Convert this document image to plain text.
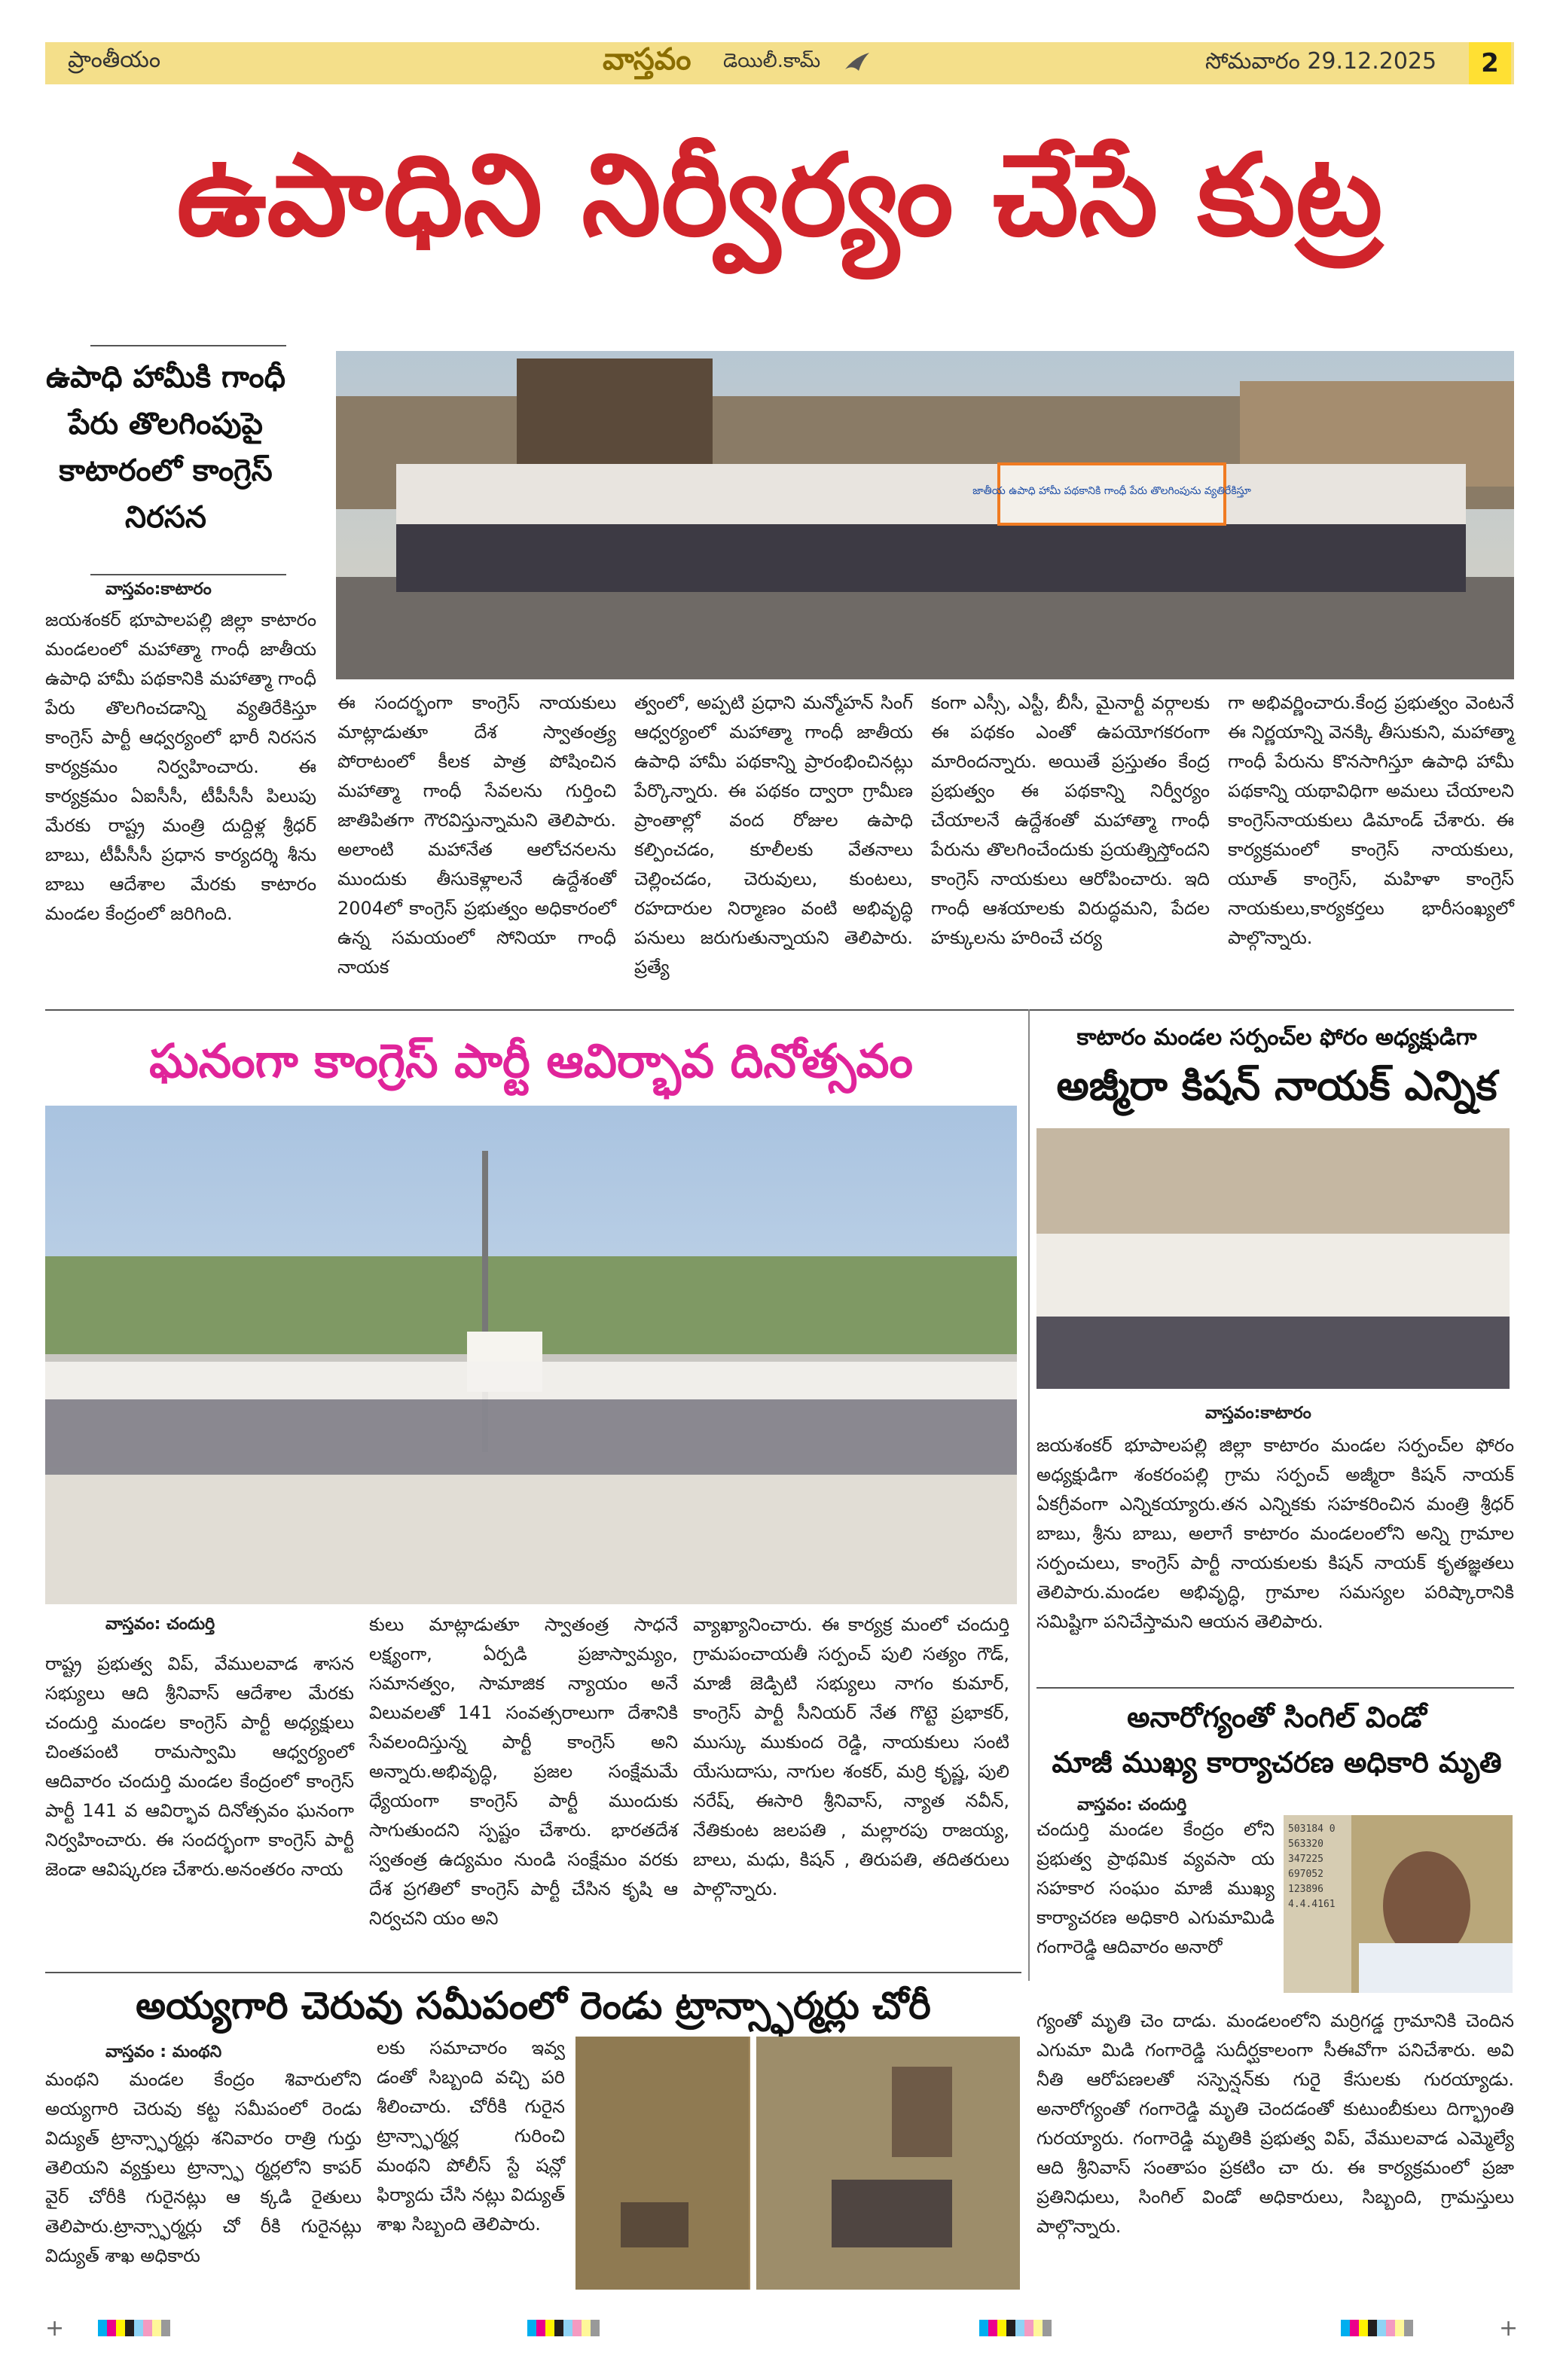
ప్రాంతీయం	వాస్తవం డెయిలీ.కామ్	సోమవారం 29.12.2025	2
ఉపాధిని నిర్వీర్యం చేసే కుట్ర
ఉపాధి హామీకి గాంధీ పేరు తొలగింపుపై కాటారంలో కాంగ్రెస్ నిరసన
వాస్తవం:కాటారం
జాతీయ ఉపాధి హామీ పథకానికి గాంధీ పేరు తొలగింపును వ్యతిరేకిస్తూ
జయశంకర్ భూపాలపల్లి జిల్లా కాటారం మండలంలో మహాత్మా గాంధీ జాతీయ ఉపాధి హామీ పథకానికి మహాత్మా గాంధీ పేరు తొలగించడాన్ని వ్యతిరేకిస్తూ కాంగ్రెస్ పార్టీ ఆధ్వర్యంలో భారీ నిరసన కార్యక్రమం నిర్వహించారు. ఈ కార్యక్రమం ఏఐసీసీ, టీపీసీసీ పిలుపు మేరకు రాష్ట్ర మంత్రి దుద్దిళ్ల శ్రీధర్ బాబు, టీపీసీసీ ప్రధాన కార్యదర్శి శీను బాబు ఆదేశాల మేరకు కాటారం మండల కేంద్రంలో జరిగింది.
ఈ సందర్భంగా కాంగ్రెస్ నాయకులు మాట్లాడుతూ దేశ స్వాతంత్ర్య పోరాటంలో కీలక పాత్ర పోషించిన మహాత్మా గాంధీ సేవలను గుర్తించి జాతిపితగా గౌరవిస్తున్నామని తెలిపారు. అలాంటి మహానేత ఆలోచనలను ముందుకు తీసుకెళ్లాలనే ఉద్దేశంతో 2004లో కాంగ్రెస్ ప్రభుత్వం అధికారంలో ఉన్న సమయంలో సోనియా గాంధీ నాయక
త్వంలో, అప్పటి ప్రధాని మన్మోహన్ సింగ్ ఆధ్వర్యంలో మహాత్మా గాంధీ జాతీయ ఉపాధి హామీ పథకాన్ని ప్రారంభించినట్లు పేర్కొన్నారు. ఈ పథకం ద్వారా గ్రామీణ ప్రాంతాల్లో వంద రోజుల ఉపాధి కల్పించడం, కూలీలకు వేతనాలు చెల్లించడం, చెరువులు, కుంటలు, రహదారుల నిర్మాణం వంటి అభివృద్ధి పనులు జరుగుతున్నాయని తెలిపారు. ప్రత్యే
కంగా ఎస్సీ, ఎస్టీ, బీసీ, మైనార్టీ వర్గాలకు ఈ పథకం ఎంతో ఉపయోగకరంగా మారిందన్నారు. అయితే ప్రస్తుతం కేంద్ర ప్రభుత్వం ఈ పథకాన్ని నిర్వీర్యం చేయాలనే ఉద్దేశంతో మహాత్మా గాంధీ పేరును తొలగించేందుకు ప్రయత్నిస్తోందని కాంగ్రెస్ నాయకులు ఆరోపించారు. ఇది గాంధీ ఆశయాలకు విరుద్ధమని, పేదల హక్కులను హరించే చర్య
గా అభివర్ణించారు.కేంద్ర ప్రభుత్వం వెంటనే ఈ నిర్ణయాన్ని వెనక్కి తీసుకుని, మహాత్మా గాంధీ పేరును కొనసాగిస్తూ ఉపాధి హామీ పథకాన్ని యథావిధిగా అమలు చేయాలని కాంగ్రెస్‌నాయకులు డిమాండ్ చేశారు. ఈ కార్యక్రమంలో కాంగ్రెస్ నాయకులు, యూత్ కాంగ్రెస్, మహిళా కాంగ్రెస్ నాయకులు,కార్యకర్తలు భారీసంఖ్యలో పాల్గొన్నారు.
ఘనంగా కాంగ్రెస్ పార్టీ ఆవిర్భావ దినోత్సవం
వాస్తవం: చందుర్తి
రాష్ట్ర ప్రభుత్వ విప్, వేములవాడ శాసన సభ్యులు ఆది శ్రీనివాస్ ఆదేశాల మేరకు చందుర్తి మండల కాంగ్రెస్ పార్టీ అధ్యక్షులు చింతపంటి రామస్వామి ఆధ్వర్యంలో ఆదివారం చందుర్తి మండల కేంద్రంలో కాంగ్రెస్ పార్టీ 141 వ ఆవిర్భావ దినోత్సవం ఘనంగా నిర్వహించారు. ఈ సందర్భంగా కాంగ్రెస్ పార్టీ జెండా ఆవిష్కరణ చేశారు.అనంతరం నాయ
కులు మాట్లాడుతూ స్వాతంత్ర సాధనే లక్ష్యంగా, ఏర్పడి ప్రజాస్వామ్యం, సమానత్వం, సామాజిక న్యాయం అనే విలువలతో 141 సంవత్సరాలుగా దేశానికి సేవలందిస్తున్న పార్టీ కాంగ్రెస్ అని అన్నారు.అభివృద్ధి, ప్రజల సంక్షేమమే ధ్యేయంగా కాంగ్రెస్ పార్టీ ముందుకు సాగుతుందని స్పష్టం చేశారు. భారతదేశ స్వతంత్ర ఉద్యమం నుండి సంక్షేమం వరకు దేశ ప్రగతిలో కాంగ్రెస్ పార్టీ చేసిన కృషి ఆ నిర్వచని యం అని
వ్యాఖ్యానించారు. ఈ కార్యక్ర మంలో చందుర్తి గ్రామపంచాయతీ సర్పంచ్ పులి సత్యం గౌడ్, మాజీ జెడ్పిటి సభ్యులు నాగం కుమార్, కాంగ్రెస్ పార్టీ సీనియర్ నేత గొట్టె ప్రభాకర్, ముస్కు ముకుంద రెడ్డి, నాయకులు సంటి యేసుదాసు, నాగుల శంకర్, మర్రి కృష్ణ, పులి నరేష్, ఈసారి శ్రీనివాస్, న్యాత నవీన్, నేతికుంట జలపతి , మల్లారపు రాజయ్య, బాలు, మధు, కిషన్ , తిరుపతి, తదితరులు పాల్గొన్నారు.
కాటారం మండల సర్పంచ్‌ల ఫోరం అధ్యక్షుడిగా
అజ్మీరా కిషన్ నాయక్ ఎన్నిక
వాస్తవం:కాటారం
జయశంకర్ భూపాలపల్లి జిల్లా కాటారం మండల సర్పంచ్‌ల ఫోరం అధ్యక్షుడిగా శంకరంపల్లి గ్రామ సర్పంచ్ అజ్మీరా కిషన్ నాయక్ ఏకగ్రీవంగా ఎన్నికయ్యారు.తన ఎన్నికకు సహకరించిన మంత్రి శ్రీధర్ బాబు, శ్రీను బాబు, అలాగే కాటారం మండలంలోని అన్ని గ్రామాల సర్పంచులు, కాంగ్రెస్ పార్టీ నాయకులకు కిషన్ నాయక్ కృతజ్ఞతలు తెలిపారు.మండల అభివృద్ధి, గ్రామాల సమస్యల పరిష్కారానికి సమిష్టిగా పనిచేస్తామని ఆయన తెలిపారు.
అనారోగ్యంతో సింగిల్ విండో
మాజీ ముఖ్య కార్యాచరణ అధికారి మృతి
వాస్తవం: చందుర్తి
చందుర్తి మండల కేంద్రం లోని ప్రభుత్వ ప్రాథమిక వ్యవసా య సహకార సంఘం మాజీ ముఖ్య కార్యాచరణ అధికారి ఎగుమామిడి గంగారెడ్డి ఆదివారం అనారో
503184 0
563320
347225
697052
123896
4.4.4161
గ్యంతో మృతి చెం దాడు. మండలంలోని మర్రిగడ్డ గ్రామానికి చెందిన ఎగుమా మిడి గంగారెడ్డి సుదీర్ఘకాలంగా సీఈవోగా పనిచేశారు. అవి నీతి ఆరోపణలతో సస్పెన్షన్‌కు గురై కేసులకు గురయ్యాడు. అనారోగ్యంతో గంగారెడ్డి మృతి చెందడంతో కుటుంబీకులు దిగ్భ్రాంతి గురయ్యారు. గంగారెడ్డి మృతికి ప్రభుత్వ విప్, వేములవాడ ఎమ్మెల్యే ఆది శ్రీనివాస్ సంతాపం ప్రకటిం చా రు. ఈ కార్యక్రమంలో ప్రజా ప్రతినిధులు, సింగిల్ విండో అధికారులు, సిబ్బంది, గ్రామస్తులు పాల్గొన్నారు.
అయ్యగారి చెరువు సమీపంలో రెండు ట్రాన్స్ఫార్మర్లు చోరీ
వాస్తవం : మంథని
మంథని మండల కేంద్రం శివారులోని అయ్యగారి చెరువు కట్ట సమీపంలో రెండు విద్యుత్ ట్రాన్స్ఫార్మర్లు శనివారం రాత్రి గుర్తు తెలియని వ్యక్తులు ట్రాన్స్ఫా ర్మర్లలోని కాపర్ వైర్ చోరీకి గురైనట్లు ఆ క్కడి రైతులు తెలిపారు.ట్రాన్స్ఫార్మర్లు చో రీకి గురైనట్లు విద్యుత్ శాఖ అధికారు
లకు సమాచారం ఇవ్వ డంతో సిబ్బంది వచ్చి పరి శీలించారు. చోరీకి గురైన ట్రాన్స్ఫార్మర్ల గురించి మంథని పోలీస్ స్టే షన్లో ఫిర్యాదు చేసి నట్లు విద్యుత్ శాఖ సిబ్బంది తెలిపారు.
+	+
